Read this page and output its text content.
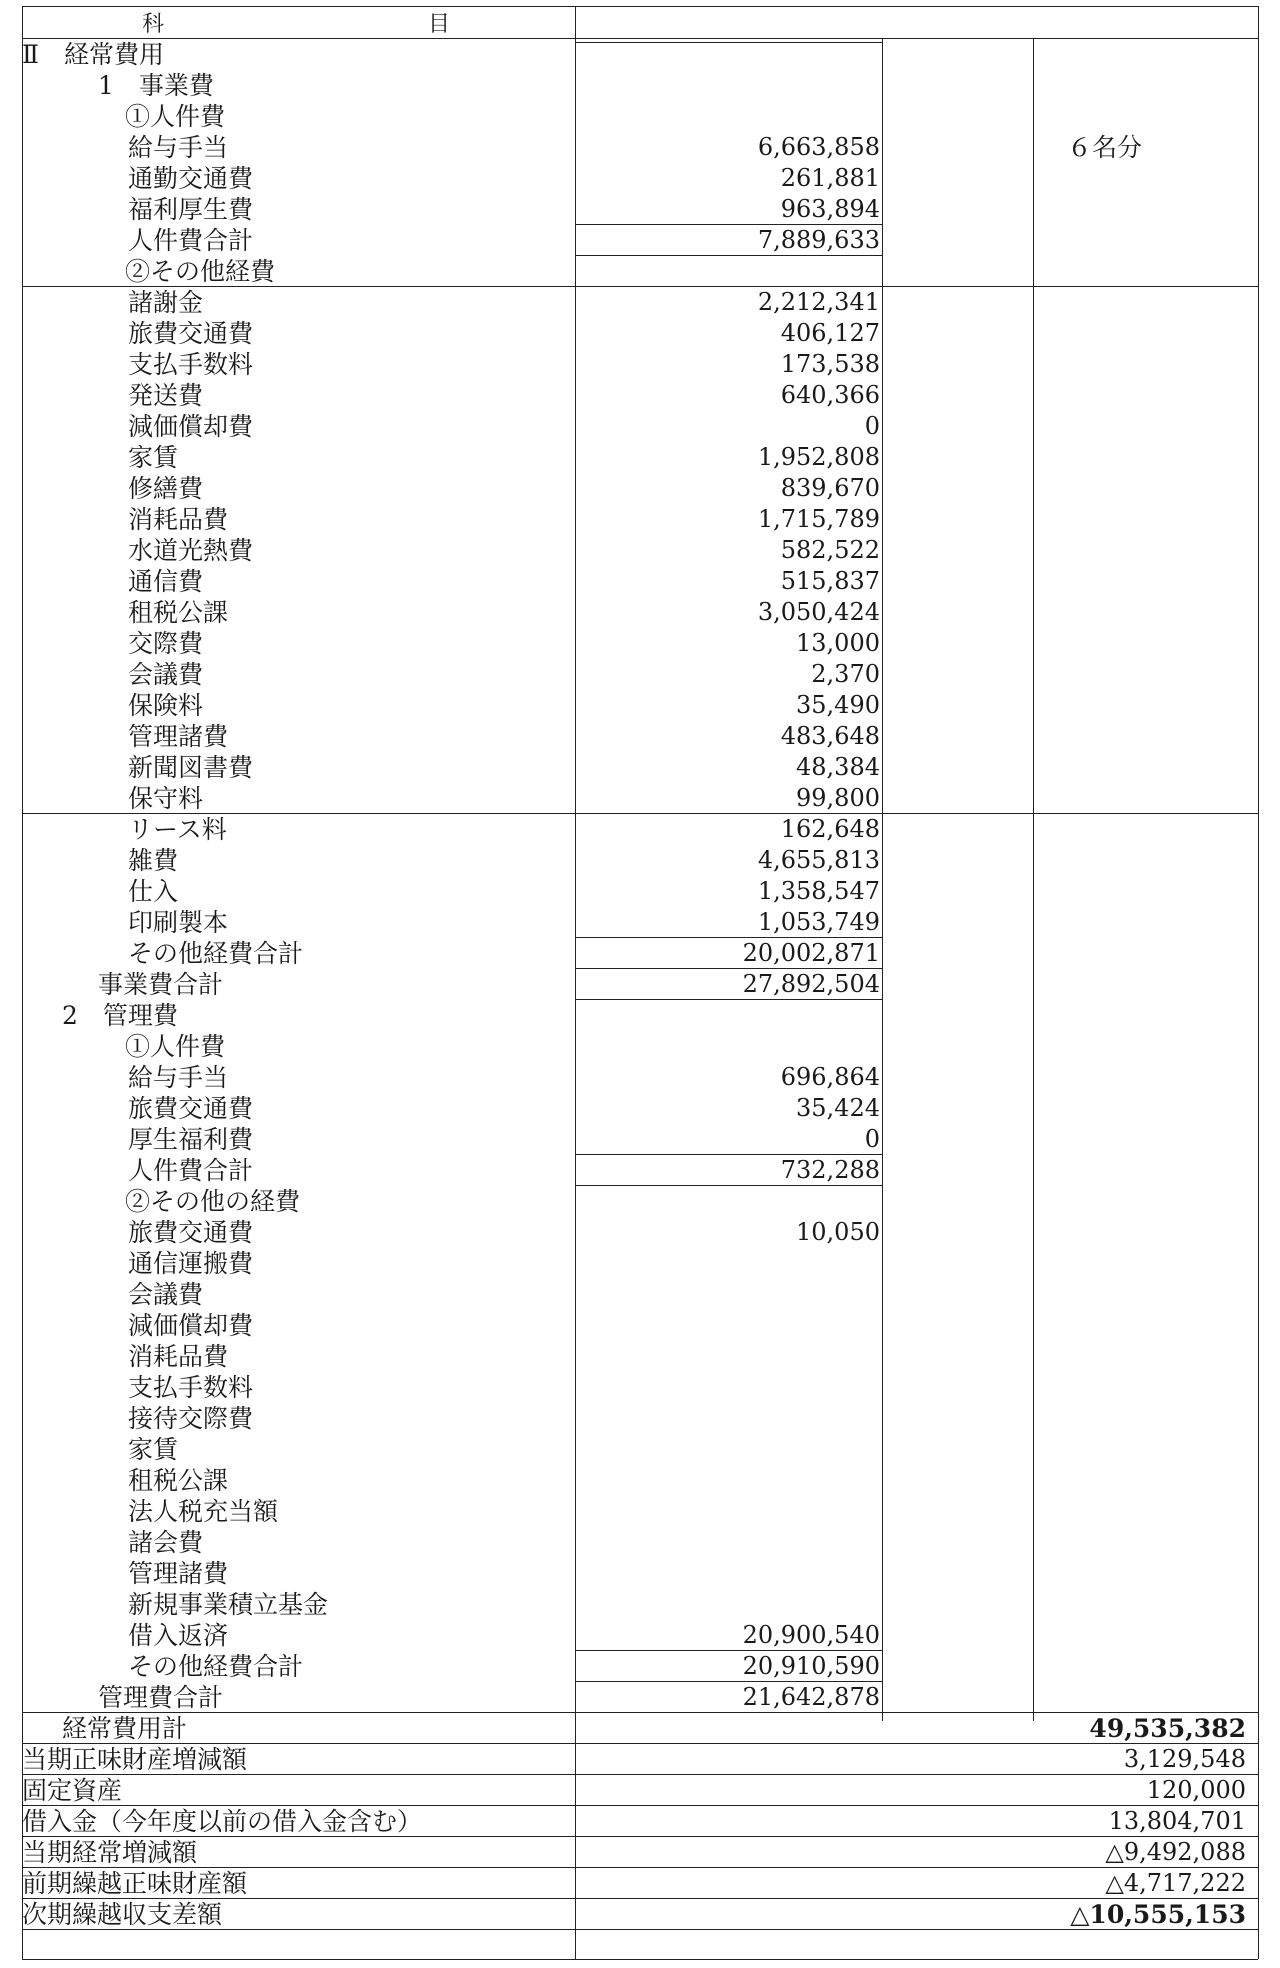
科	目
Ⅱ　経常費用
1　事業費
①人件費
給与手当	6,663,858	６名分
通勤交通費	261,881
福利厚生費	963,894
人件費合計	7,889,633
②その他経費
諸謝金	2,212,341
旅費交通費	406,127
支払手数料	173,538
発送費	640,366
減価償却費	0
家賃	1,952,808
修繕費	839,670
消耗品費	1,715,789
水道光熱費	582,522
通信費	515,837
租税公課	3,050,424
交際費	13,000
会議費	2,370
保険料	35,490
管理諸費	483,648
新聞図書費	48,384
保守料	99,800
リース料	162,648
雑費	4,655,813
仕入	1,358,547
印刷製本	1,053,749
その他経費合計	20,002,871
事業費合計	27,892,504
2　管理費
①人件費
給与手当	696,864
旅費交通費	35,424
厚生福利費	0
人件費合計	732,288
②その他の経費
旅費交通費	10,050
通信運搬費
会議費
減価償却費
消耗品費
支払手数料
接待交際費
家賃
租税公課
法人税充当額
諸会費
管理諸費
新規事業積立基金
借入返済	20,900,540
その他経費合計	20,910,590
管理費合計	21,642,878
経常費用計	49,535,382
当期正味財産増減額	3,129,548
固定資産	120,000
借入金（今年度以前の借入金含む）	13,804,701
当期経常増減額	△9,492,088
前期繰越正味財産額	△4,717,222
次期繰越収支差額	△10,555,153
